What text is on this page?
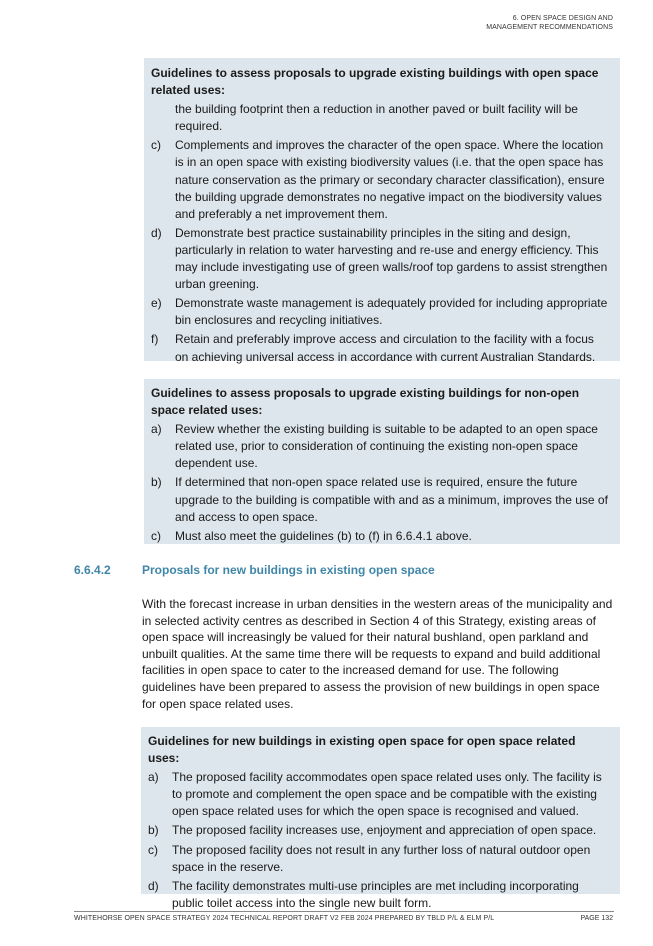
6. OPEN SPACE DESIGN AND
MANAGEMENT RECOMMENDATIONS
Guidelines to assess proposals to upgrade existing buildings with open space related uses:
the building footprint then a reduction in another paved or built facility will be required.
c)	Complements and improves the character of the open space. Where the location is in an open space with existing biodiversity values (i.e. that the open space has nature conservation as the primary or secondary character classification), ensure the building upgrade demonstrates no negative impact on the biodiversity values and preferably a net improvement them.
d)	Demonstrate best practice sustainability principles in the siting and design, particularly in relation to water harvesting and re-use and energy efficiency. This may include investigating use of green walls/roof top gardens to assist strengthen urban greening.
e)	Demonstrate waste management is adequately provided for including appropriate bin enclosures and recycling initiatives.
f)	Retain and preferably improve access and circulation to the facility with a focus on achieving universal access in accordance with current Australian Standards.
Guidelines to assess proposals to upgrade existing buildings for non-open space related uses:
a)	Review whether the existing building is suitable to be adapted to an open space related use, prior to consideration of continuing the existing non-open space dependent use.
b)	If determined that non-open space related use is required, ensure the future upgrade to the building is compatible with and as a minimum, improves the use of and access to open space.
c)	Must also meet the guidelines (b) to (f) in 6.6.4.1 above.
6.6.4.2	Proposals for new buildings in existing open space
With the forecast increase in urban densities in the western areas of the municipality and in selected activity centres as described in Section 4 of this Strategy, existing areas of open space will increasingly be valued for their natural bushland, open parkland and unbuilt qualities. At the same time there will be requests to expand and build additional facilities in open space to cater to the increased demand for use. The following guidelines have been prepared to assess the provision of new buildings in open space for open space related uses.
Guidelines for new buildings in existing open space for open space related uses:
a)	The proposed facility accommodates open space related uses only. The facility is to promote and complement the open space and be compatible with the existing open space related uses for which the open space is recognised and valued.
b)	The proposed facility increases use, enjoyment and appreciation of open space.
c)	The proposed facility does not result in any further loss of natural outdoor open space in the reserve.
d)	The facility demonstrates multi-use principles are met including incorporating public toilet access into the single new built form.
WHITEHORSE OPEN SPACE STRATEGY 2024 TECHNICAL REPORT DRAFT V2 FEB 2024 PREPARED BY TBLD P/L & ELM P/L	PAGE 132
